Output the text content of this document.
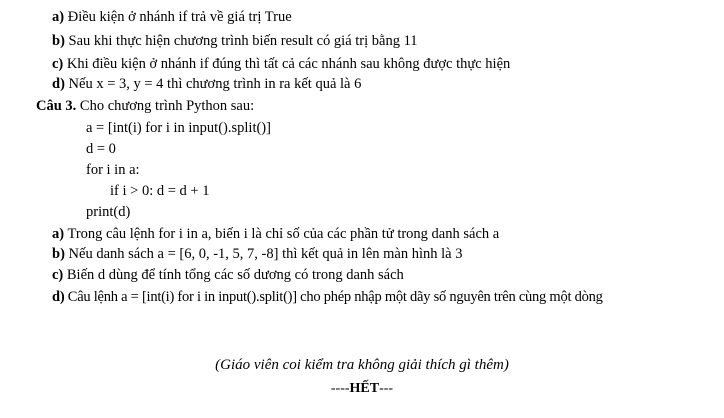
a) Điều kiện ở nhánh if trả về giá trị True
b) Sau khi thực hiện chương trình biến result có giá trị bằng 11
c) Khi điều kiện ở nhánh if đúng thì tất cả các nhánh sau không được thực hiện
d) Nếu x = 3, y = 4 thì chương trình in ra kết quả là 6
Câu 3. Cho chương trình Python sau:
a = [int(i) for i in input().split()]
d = 0
for i in a:
if i > 0: d = d + 1
print(d)
a) Trong câu lệnh for i in a, biến i là chỉ số của các phần tử trong danh sách a
b) Nếu danh sách a = [6, 0, -1, 5, 7, -8] thì kết quả in lên màn hình là 3
c) Biến d dùng để tính tổng các số dương có trong danh sách
d) Câu lệnh a = [int(i) for i in input().split()] cho phép nhập một dãy số nguyên trên cùng một dòng
(Giáo viên coi kiểm tra không giải thích gì thêm)
----HẾT---
